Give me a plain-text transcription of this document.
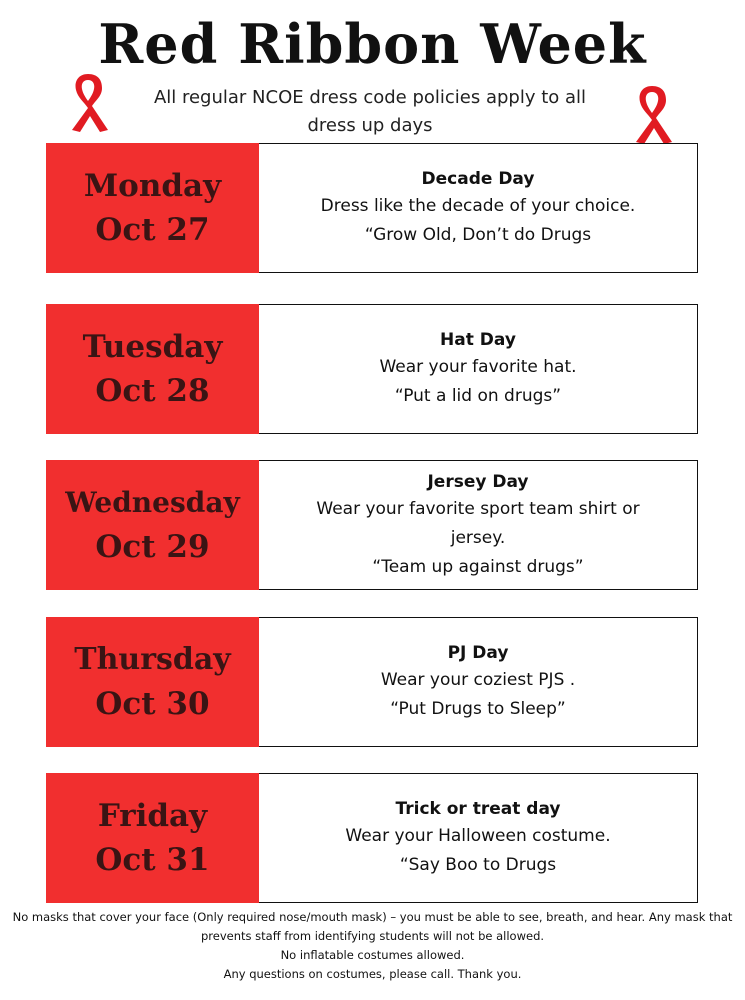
Red Ribbon Week
All regular NCOE dress code policies apply to all dress up days
Monday
Oct 27
Decade Day
Dress like the decade of your choice.
“Grow Old, Don’t do Drugs
Tuesday
Oct 28
Hat Day
Wear your favorite hat.
“Put a lid on drugs”
Wednesday
Oct 29
Jersey Day
Wear your favorite sport team shirt or jersey.
“Team up against drugs”
Thursday
Oct 30
PJ Day
Wear your coziest PJS .
“Put Drugs to Sleep”
Friday
Oct 31
Trick or treat day
Wear your Halloween costume.
“Say Boo to Drugs
No masks that cover your face (Only required nose/mouth mask) – you must be able to see, breath, and hear. Any mask that prevents staff from identifying students will not be allowed.
No inflatable costumes allowed.
Any questions on costumes, please call. Thank you.
